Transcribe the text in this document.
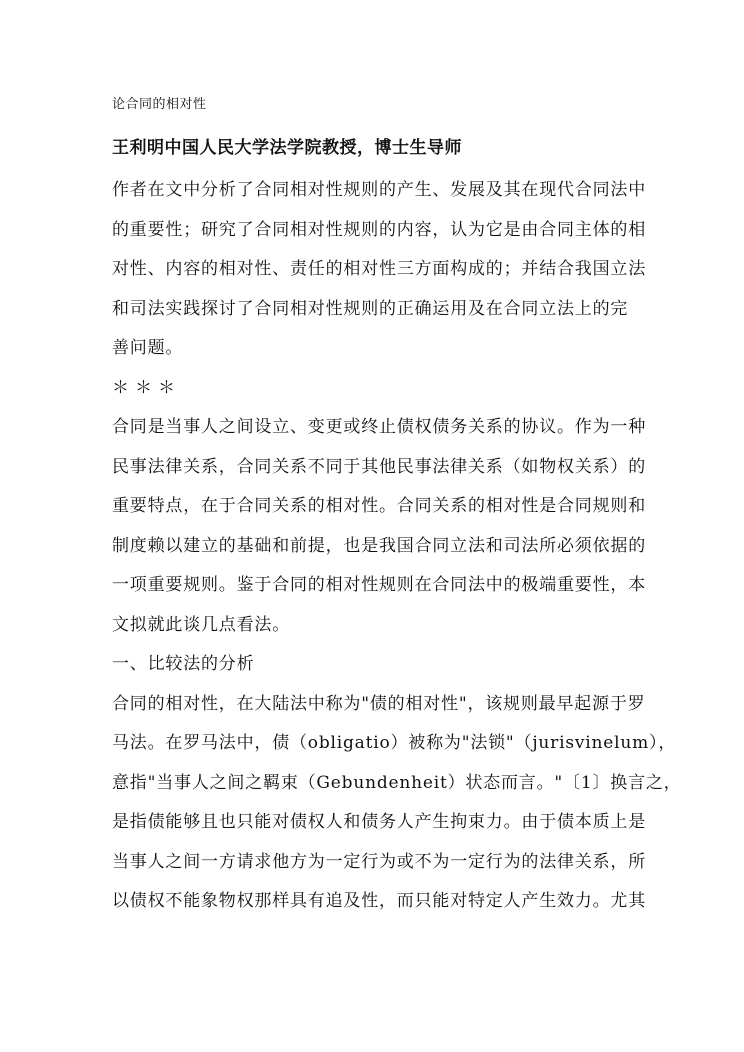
论合同的相对性
王利明中国人民大学法学院教授，博士生导师
作者在文中分析了合同相对性规则的产生、发展及其在现代合同法中
的重要性；研究了合同相对性规则的内容，认为它是由合同主体的相
对性、内容的相对性、责任的相对性三方面构成的；并结合我国立法
和司法实践探讨了合同相对性规则的正确运用及在合同立法上的完
善问题。
＊＊＊
合同是当事人之间设立、变更或终止债权债务关系的协议。作为一种
民事法律关系，合同关系不同于其他民事法律关系（如物权关系）的
重要特点，在于合同关系的相对性。合同关系的相对性是合同规则和
制度赖以建立的基础和前提，也是我国合同立法和司法所必须依据的
一项重要规则。鉴于合同的相对性规则在合同法中的极端重要性，本
文拟就此谈几点看法。
一、比较法的分析
合同的相对性，在大陆法中称为"债的相对性"，该规则最早起源于罗
马法。在罗马法中，债（obligatio）被称为"法锁"（jurisvinelum），
意指"当事人之间之羁束（Gebundenheit）状态而言。"〔1〕换言之，
是指债能够且也只能对债权人和债务人产生拘束力。由于债本质上是
当事人之间一方请求他方为一定行为或不为一定行为的法律关系，所
以债权不能象物权那样具有追及性，而只能对特定人产生效力。尤其
